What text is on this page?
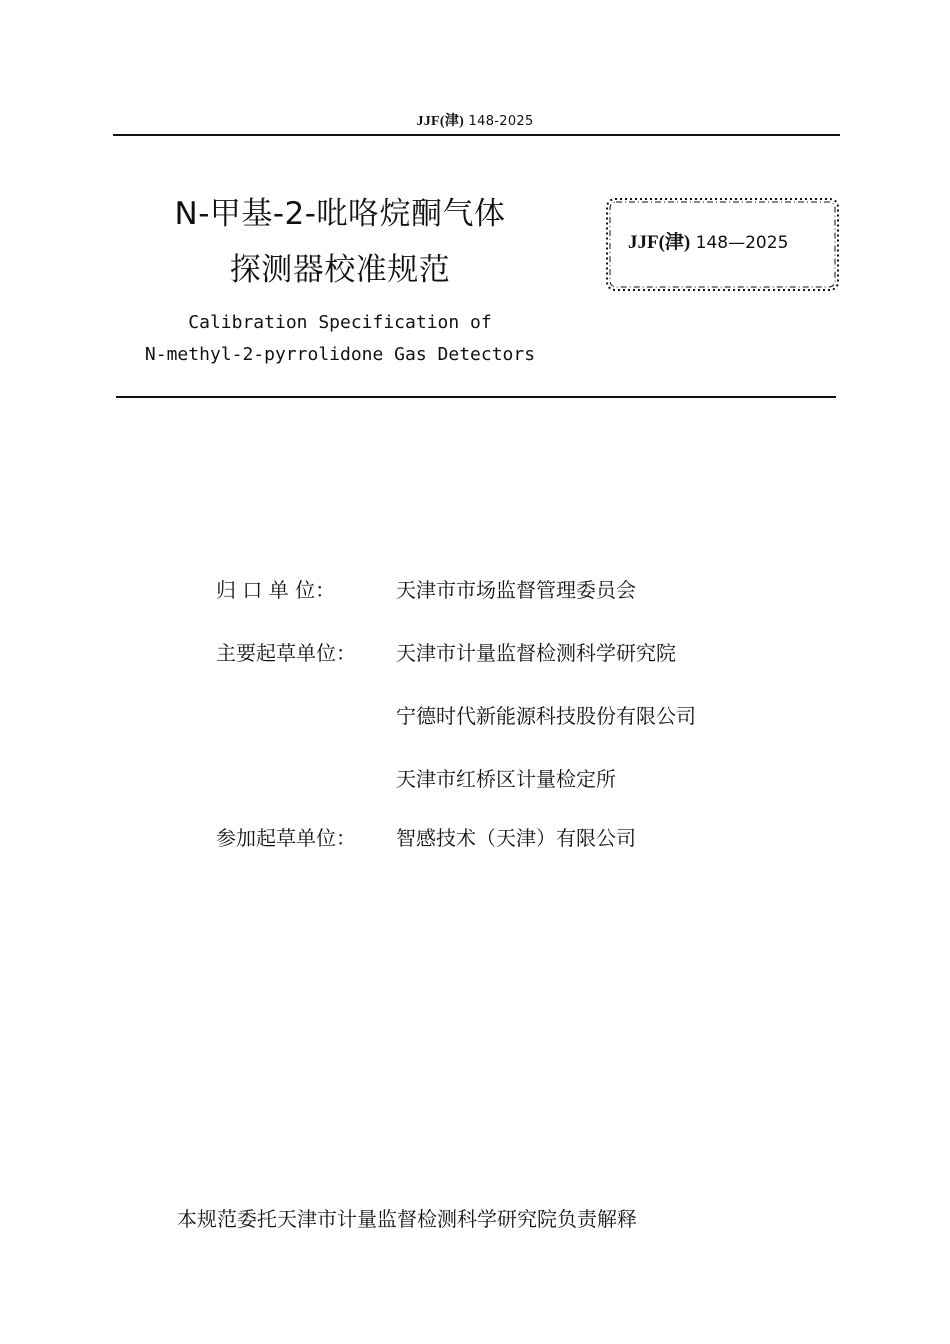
JJF(津) 148-2025
N-甲基-2-吡咯烷酮气体
探测器校准规范
Calibration Specification of
N-methyl-2-pyrrolidone Gas Detectors
JJF(津) 148—2025
归 口 单 位：	天津市市场监督管理委员会
主要起草单位： 天津市计量监督检测科学研究院
宁德时代新能源科技股份有限公司
天津市红桥区计量检定所
参加起草单位： 智感技术（天津）有限公司
本规范委托天津市计量监督检测科学研究院负责解释
